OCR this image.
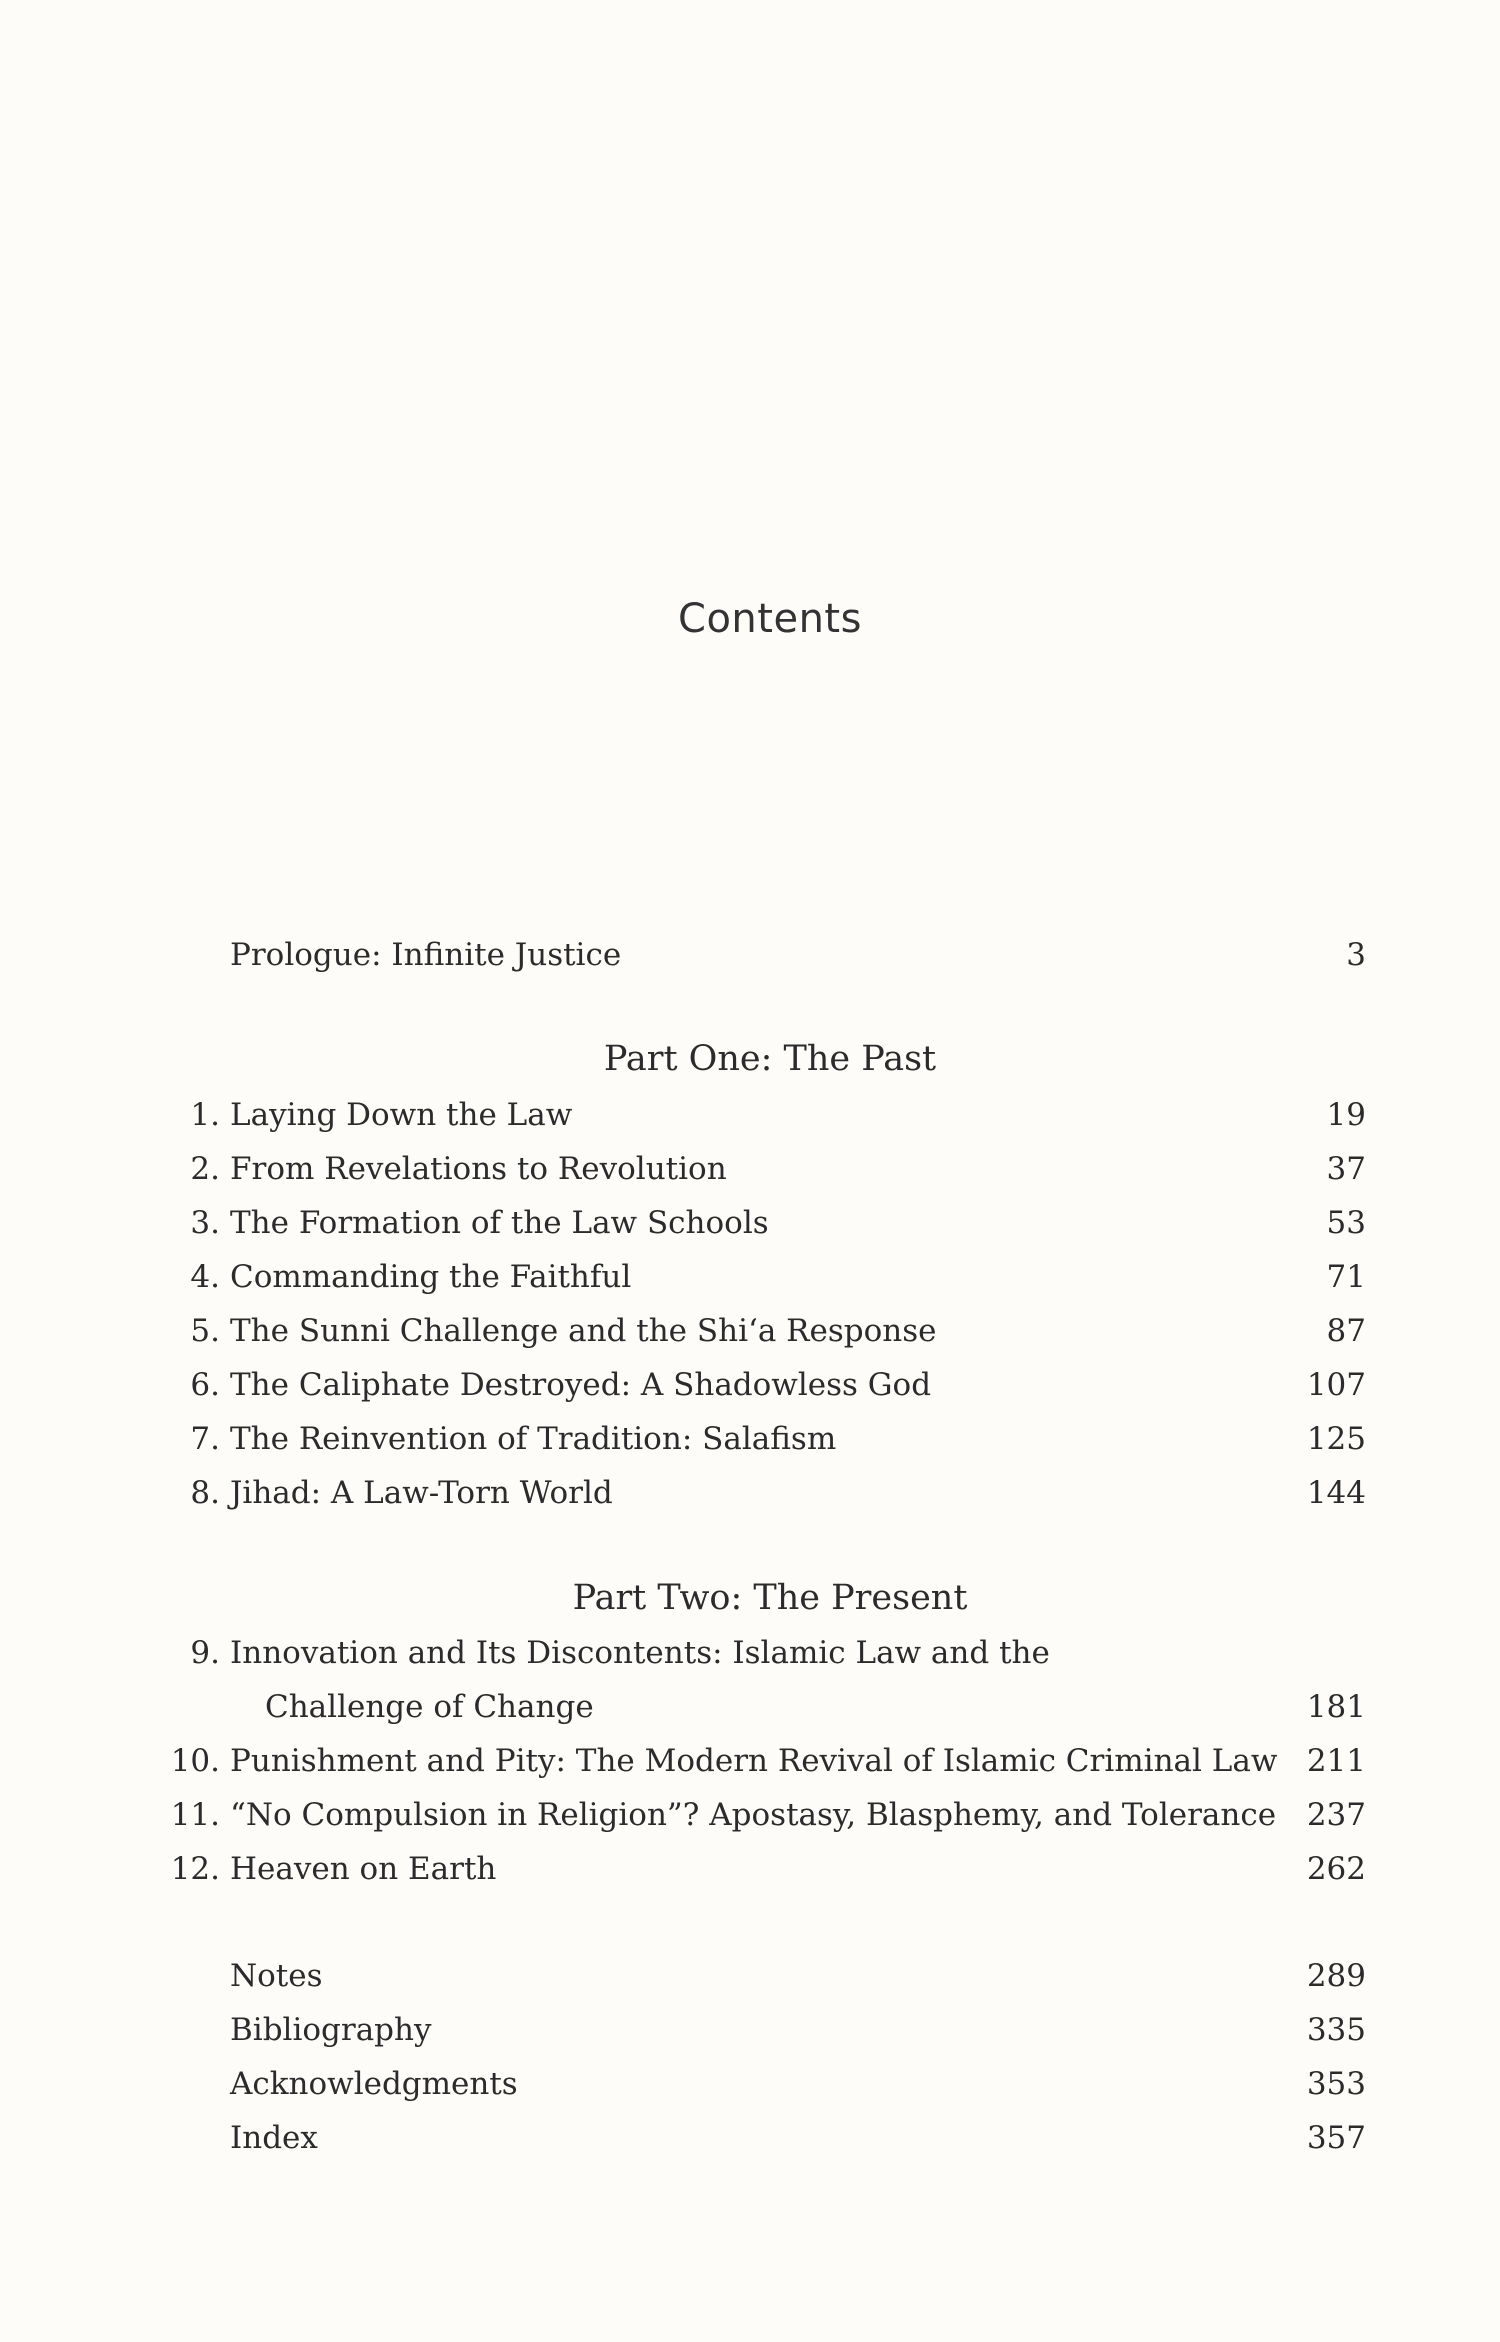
Contents
Prologue: Infinite Justice	3
Part One: The Past
1. Laying Down the Law	19
2. From Revelations to Revolution	37
3. The Formation of the Law Schools	53
4. Commanding the Faithful	71
5. The Sunni Challenge and the Shi‘a Response	87
6. The Caliphate Destroyed: A Shadowless God	107
7. The Reinvention of Tradition: Salafism	125
8. Jihad: A Law-Torn World	144
Part Two: The Present
9. Innovation and Its Discontents: Islamic Law and the
Challenge of Change	181
10. Punishment and Pity: The Modern Revival of Islamic Criminal Law 211
11. “No Compulsion in Religion”? Apostasy, Blasphemy, and Tolerance 237
12. Heaven on Earth	262
Notes	289
Bibliography	335
Acknowledgments	353
Index	357
